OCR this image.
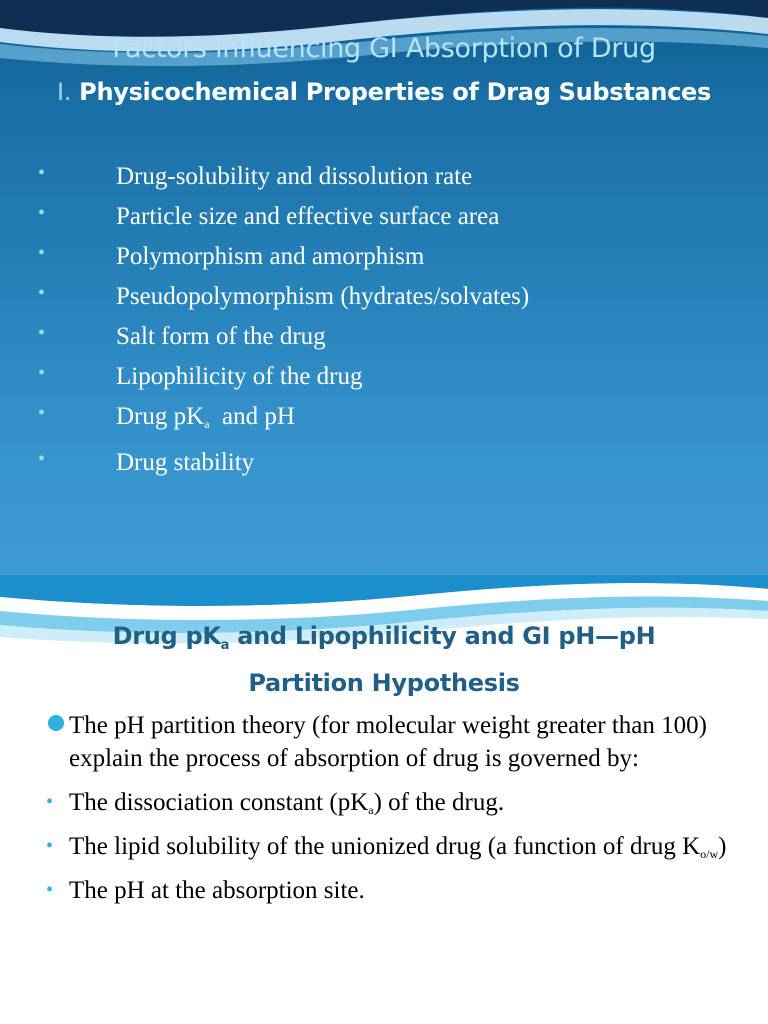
Factors influencing GI Absorption of Drug
I. Physicochemical Properties of Drag Substances
•	Drug-solubility and dissolution rate
•	Particle size and effective surface area
•	Polymorphism and amorphism
•	Pseudopolymorphism (hydrates/solvates)
•	Salt form of the drug
•	Lipophilicity of the drug
•	Drug $pK_a$  and pH
•	Drug stability
Drug $pK_a$ and Lipophilicity and GI pH—pH
Partition Hypothesis
The pH partition theory (for molecular weight greater than 100) explain the process of absorption of drug is governed by:
• The dissociation constant $(pK_a)$ of the drug.
• The lipid solubility of the unionized drug (a function of drug $K_{o/w}$)
• The pH at the absorption site.
